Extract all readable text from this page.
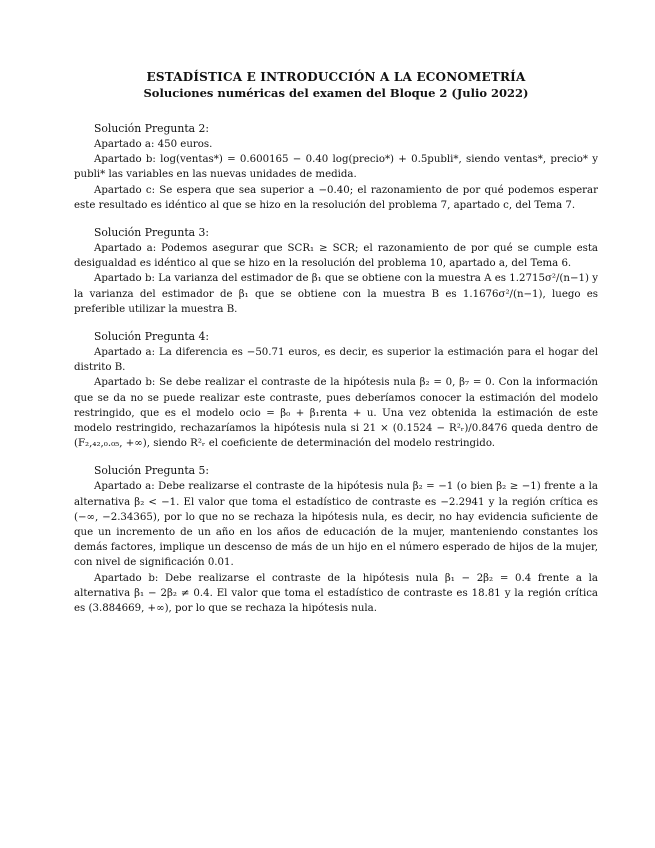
ESTADÍSTICA E INTRODUCCIÓN A LA ECONOMETRÍA
Soluciones numéricas del examen del Bloque 2 (Julio 2022)
Solución Pregunta 2:

Apartado a: 450 euros.

Apartado b: log(ventas*) = 0.600165 − 0.40 log(precio*) + 0.5publi*, siendo ventas*, precio* y publi* las variables en las nuevas unidades de medida.

Apartado c: Se espera que sea superior a −0.40; el razonamiento de por qué podemos esperar este resultado es idéntico al que se hizo en la resolución del problema 7, apartado c, del Tema 7.

Solución Pregunta 3:

Apartado a: Podemos asegurar que SCR₁ ≥ SCR; el razonamiento de por qué se cumple esta desigualdad es idéntico al que se hizo en la resolución del problema 10, apartado a, del Tema 6.

Apartado b: La varianza del estimador de β₁ que se obtiene con la muestra A es 1.2715σ²/(n−1) y la varianza del estimador de β₁ que se obtiene con la muestra B es 1.1676σ²/(n−1), luego es preferible utilizar la muestra B.

Solución Pregunta 4:

Apartado a: La diferencia es −50.71 euros, es decir, es superior la estimación para el hogar del distrito B.

Apartado b: Se debe realizar el contraste de la hipótesis nula β₂ = 0, β₇ = 0. Con la información que se da no se puede realizar este contraste, pues deberíamos conocer la estimación del modelo restringido, que es el modelo ocio = β₀ + β₁renta + u. Una vez obtenida la estimación de este modelo restringido, rechazaríamos la hipótesis nula si 21 × (0.1524 − R²ᵣ)/0.8476 queda dentro de (F₂,₄₂,₀.₀₅, +∞), siendo R²ᵣ el coeficiente de determinación del modelo restringido.

Solución Pregunta 5:

Apartado a: Debe realizarse el contraste de la hipótesis nula β₂ = −1 (o bien β₂ ≥ −1) frente a la alternativa β₂ < −1. El valor que toma el estadístico de contraste es −2.2941 y la región crítica es (−∞, −2.34365), por lo que no se rechaza la hipótesis nula, es decir, no hay evidencia suficiente de que un incremento de un año en los años de educación de la mujer, manteniendo constantes los demás factores, implique un descenso de más de un hijo en el número esperado de hijos de la mujer, con nivel de significación 0.01.

Apartado b: Debe realizarse el contraste de la hipótesis nula β₁ − 2β₂ = 0.4 frente a la alternativa β₁ − 2β₂ ≠ 0.4. El valor que toma el estadístico de contraste es 18.81 y la región crítica es (3.884669, +∞), por lo que se rechaza la hipótesis nula.
